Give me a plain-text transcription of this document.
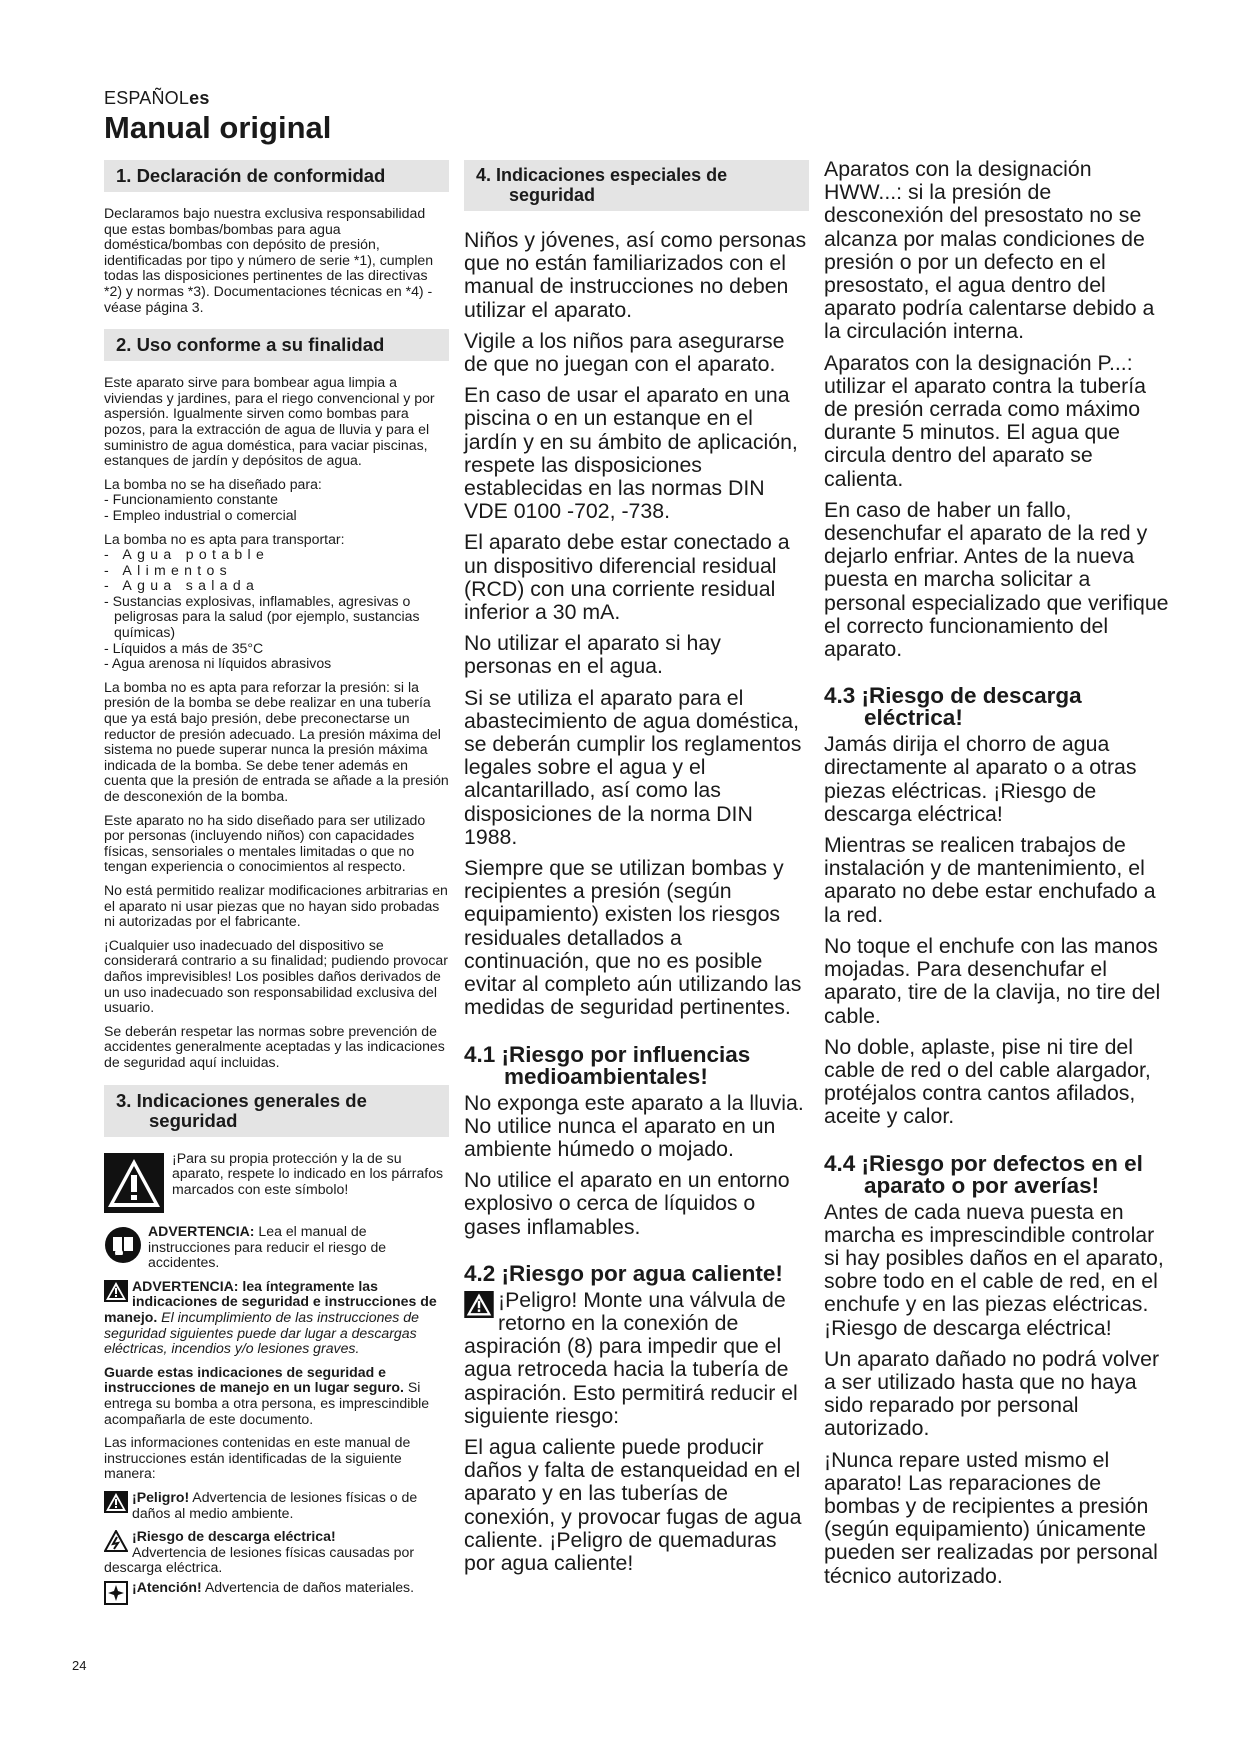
ESPAÑOLes
Manual original
1. Declaración de conformidad

Declaramos bajo nuestra exclusiva responsabilidad que estas bombas/bombas para agua doméstica/bombas con depósito de presión, identificadas por tipo y número de serie *1), cumplen todas las disposiciones pertinentes de las directivas *2) y normas *3). Documentaciones técnicas en *4) - véase página 3.

2. Uso conforme a su finalidad

Este aparato sirve para bombear agua limpia a viviendas y jardines, para el riego convencional y por aspersión. Igualmente sirven como bombas para pozos, para la extracción de agua de lluvia y para el suministro de agua doméstica, para vaciar piscinas, estanques de jardín y depósitos de agua.

La bomba no se ha diseñado para:

- Funcionamiento constante
- Empleo industrial o comercial

La bomba no es apta para transportar:

- Agua potable
- Alimentos
- Agua salada
- Sustancias explosivas, inflamables, agresivas o peligrosas para la salud (por ejemplo, sustancias químicas)
- Líquidos a más de 35°C
- Agua arenosa ni líquidos abrasivos

La bomba no es apta para reforzar la presión: si la presión de la bomba se debe realizar en una tubería que ya está bajo presión, debe preconectarse un reductor de presión adecuado. La presión máxima del sistema no puede superar nunca la presión máxima indicada de la bomba. Se debe tener además en cuenta que la presión de entrada se añade a la presión de desconexión de la bomba.

Este aparato no ha sido diseñado para ser utilizado por personas (incluyendo niños) con capacidades físicas, sensoriales o mentales limitadas o que no tengan experiencia o conocimientos al respecto.

No está permitido realizar modificaciones arbitrarias en el aparato ni usar piezas que no hayan sido probadas ni autorizadas por el fabricante.

¡Cualquier uso inadecuado del dispositivo se considerará contrario a su finalidad; pudiendo provocar daños imprevisibles! Los posibles daños derivados de un uso inadecuado son responsabilidad exclusiva del usuario.

Se deberán respetar las normas sobre prevención de accidentes generalmente aceptadas y las indicaciones de seguridad aquí incluidas.

3. Indicaciones generales de
seguridad
¡Para su propia protección y la de su aparato, respete lo indicado en los párrafos marcados con este símbolo!
ADVERTENCIA: Lea el manual de instrucciones para reducir el riesgo de accidentes.

ADVERTENCIA: lea íntegramente las indicaciones de seguridad e instrucciones de manejo. El incumplimiento de las instrucciones de seguridad siguientes puede dar lugar a descargas eléctricas, incendios y/o lesiones graves.

Guarde estas indicaciones de seguridad e instrucciones de manejo en un lugar seguro. Si entrega su bomba a otra persona, es imprescindible acompañarla de este documento.

Las informaciones contenidas en este manual de instrucciones están identificadas de la siguiente manera:

¡Peligro! Advertencia de lesiones físicas o de daños al medio ambiente.

¡Riesgo de descarga eléctrica!
Advertencia de lesiones físicas causadas por descarga eléctrica.

¡Atención! Advertencia de daños materiales.

4. Indicaciones especiales de
seguridad

Niños y jóvenes, así como personas que no están familiarizados con el manual de instrucciones no deben utilizar el aparato.

Vigile a los niños para asegurarse de que no juegan con el aparato.

En caso de usar el aparato en una piscina o en un estanque en el jardín y en su ámbito de aplicación, respete las disposiciones establecidas en las normas DIN VDE 0100 -702, -738.

El aparato debe estar conectado a un dispositivo diferencial residual (RCD) con una corriente residual inferior a 30 mA.

No utilizar el aparato si hay personas en el agua.

Si se utiliza el aparato para el abastecimiento de agua doméstica, se deberán cumplir los reglamentos legales sobre el agua y el alcantarillado, así como las disposiciones de la norma DIN 1988.

Siempre que se utilizan bombas y recipientes a presión (según equipamiento) existen los riesgos residuales detallados a continuación, que no es posible evitar al completo aún utilizando las medidas de seguridad pertinentes.

4.1 ¡Riesgo por influencias
medioambientales!

No exponga este aparato a la lluvia. No utilice nunca el aparato en un ambiente húmedo o mojado.

No utilice el aparato en un entorno explosivo o cerca de líquidos o gases inflamables.

4.2 ¡Riesgo por agua caliente!

¡Peligro! Monte una válvula de retorno en la conexión de aspiración (8) para impedir que el agua retroceda hacia la tubería de aspiración. Esto permitirá reducir el siguiente riesgo:

El agua caliente puede producir daños y falta de estanqueidad en el aparato y en las tuberías de conexión, y provocar fugas de agua caliente. ¡Peligro de quemaduras por agua caliente!

Aparatos con la designación HWW...: si la presión de desconexión del presostato no se alcanza por malas condiciones de presión o por un defecto en el presostato, el agua dentro del aparato podría calentarse debido a la circulación interna.

Aparatos con la designación P...: utilizar el aparato contra la tubería de presión cerrada como máximo durante 5 minutos. El agua que circula dentro del aparato se calienta.

En caso de haber un fallo, desenchufar el aparato de la red y dejarlo enfriar. Antes de la nueva puesta en marcha solicitar a personal especializado que verifique el correcto funcionamiento del aparato.

4.3 ¡Riesgo de descarga
eléctrica!

Jamás dirija el chorro de agua directamente al aparato o a otras piezas eléctricas. ¡Riesgo de descarga eléctrica!

Mientras se realicen trabajos de instalación y de mantenimiento, el aparato no debe estar enchufado a la red.

No toque el enchufe con las manos mojadas. Para desenchufar el aparato, tire de la clavija, no tire del cable.

No doble, aplaste, pise ni tire del cable de red o del cable alargador, protéjalos contra cantos afilados, aceite y calor.

4.4 ¡Riesgo por defectos en el
aparato o por averías!

Antes de cada nueva puesta en marcha es imprescindible controlar si hay posibles daños en el aparato, sobre todo en el cable de red, en el enchufe y en las piezas eléctricas. ¡Riesgo de descarga eléctrica!

Un aparato dañado no podrá volver a ser utilizado hasta que no haya sido reparado por personal autorizado.

¡Nunca repare usted mismo el aparato! Las reparaciones de bombas y de recipientes a presión (según equipamiento) únicamente pueden ser realizadas por personal técnico autorizado.

24
